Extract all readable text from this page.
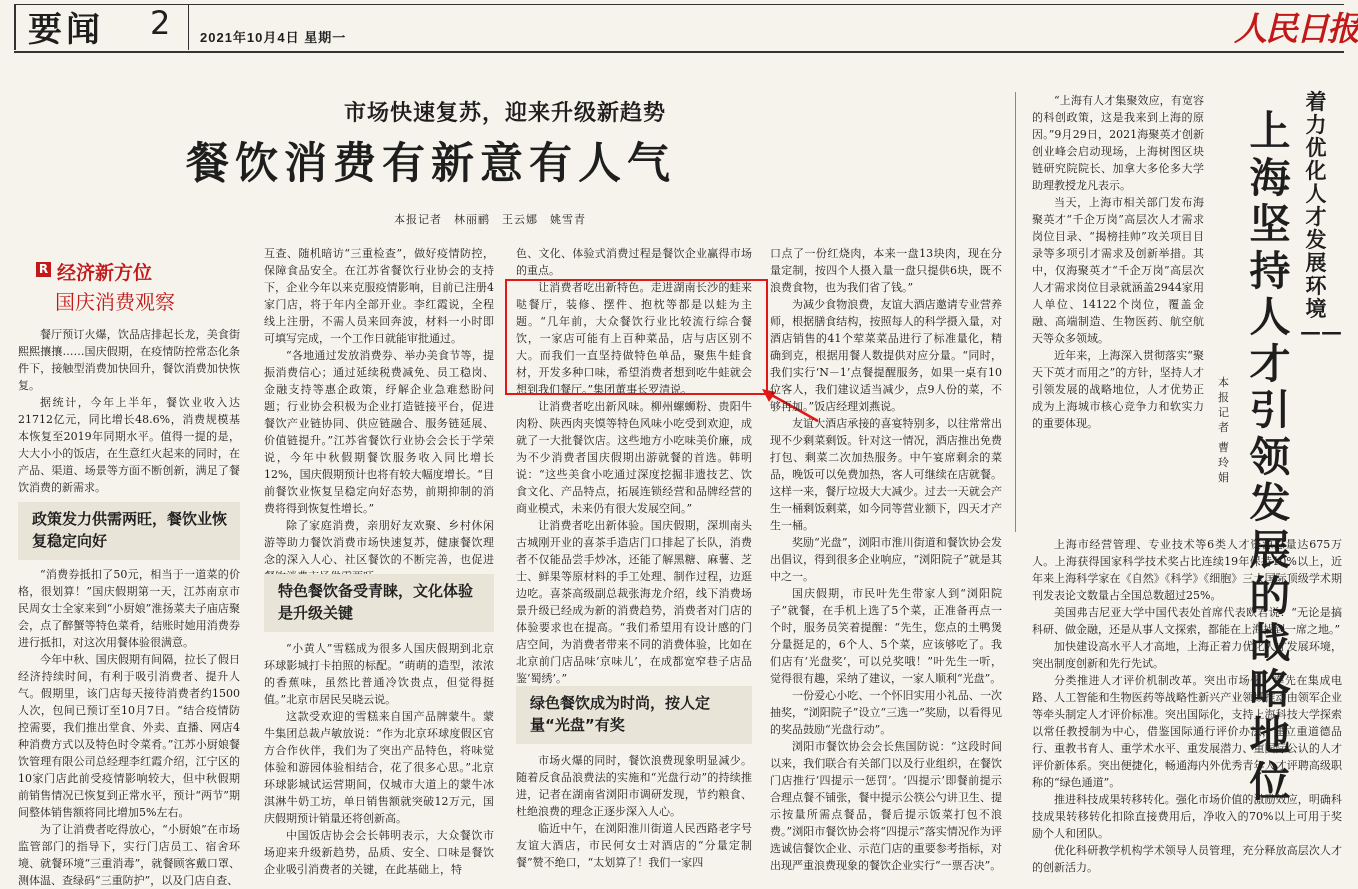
要闻 2 2021年10月4日 星期一	人民日报
市场快速复苏，迎来升级新趋势
餐饮消费有新意有人气
本报记者　林丽鹂　王云娜　姚雪青
R 经济新方位
国庆消费观察

餐厅预订火爆，饮品店排起长龙，美食街熙熙攘攘……国庆假期，在疫情防控常态化条件下，接触型消费加快回升，餐饮消费加快恢复。

据统计，今年上半年，餐饮业收入达21712亿元，同比增长48.6%，消费规模基本恢复至2019年同期水平。值得一提的是，大大小小的饭店，在生意红火起来的同时，在产品、渠道、场景等方面不断创新，满足了餐饮消费的新需求。

政策发力供需两旺，餐饮业恢复稳定向好

“消费券抵扣了50元，相当于一道菜的价格，很划算！”国庆假期第一天，江苏南京市民周女士全家来到“小厨娘”淮扬菜夫子庙店聚会，点了醉蟹等特色菜肴，结账时她用消费券进行抵扣，对这次用餐体验很满意。

今年中秋、国庆假期有间隔，拉长了假日经济持续时间，有利于吸引消费者、提升人气。假期里，该门店每天接待消费者约1500人次，包间已预订至10月7日。“结合疫情防控需要，我们推出堂食、外卖、直播、网店4种消费方式以及特色时令菜肴。”江苏小厨娘餐饮管理有限公司总经理李红霞介绍，江宁区的10家门店此前受疫情影响较大，但中秋假期前销售情况已恢复到正常水平，预计“两节”期间整体销售额将同比增加5%左右。

为了让消费者吃得放心，“小厨娘”在市场监管部门的指导下，实行门店员工、宿舍环境、就餐环境“三重消毒”，就餐顾客戴口罩、测体温、查绿码“三重防护”，以及门店自查、

互查、随机暗访“三重检查”，做好疫情防控，保障食品安全。在江苏省餐饮行业协会的支持下，企业今年以来克服疫情影响，目前已注册4家门店，将于年内全部开业。李红霞说，全程线上注册，不需人员来回奔波，材料一小时即可填写完成，一个工作日就能审批通过。

“各地通过发放消费券、举办美食节等，提振消费信心；通过延续税费减免、员工稳岗、金融支持等惠企政策，纾解企业急难愁盼问题；行业协会积极为企业打造链接平台，促进餐饮产业链协同、供应链融合、服务链延展、价值链提升。”江苏省餐饮行业协会会长于学荣说，今年中秋假期餐饮服务收入同比增长12%，国庆假期预计也将有较大幅度增长。“目前餐饮业恢复呈稳定向好态势，前期抑制的消费将得到恢复性增长。”

除了家庭消费，亲朋好友欢聚、乡村休闲游等助力餐饮消费市场快速复苏，健康餐饮理念的深入人心、社区餐饮的不断完善，也促进

特色餐饮备受青睐，文化体验是升级关键

“小黄人”雪糕成为很多人国庆假期到北京环球影城打卡拍照的标配。“萌萌的造型，浓浓的香蕉味，虽然比普通冷饮贵点，但觉得挺值。”北京市居民吴晓云说。

这款受欢迎的雪糕来自国产品牌蒙牛。蒙牛集团总裁卢敏放说：“作为北京环球度假区官方合作伙伴，我们为了突出产品特色，将味觉体验和游园体验相结合，花了很多心思。”北京环球影城试运营期间，仅城市大道上的蒙牛冰淇淋牛奶工坊，单日销售额就突破12万元，国庆假期预计销量还将创新高。

中国饭店协会会长韩明表示，大众餐饮市场迎来升级新趋势，品质、安全、口味是餐饮企业吸引消费者的关键，在此基础上，特

色、文化、体验式消费过程是餐饮企业赢得市场的重点。

让消费者吃出新特色。走进湖南长沙的蛙来哒餐厅，装修、摆件、抱枕等都是以蛙为主题。“几年前，大众餐饮行业比较流行综合餐饮，一家店可能有上百种菜品，店与店区别不大。而我们一直坚持做特色单品，聚焦牛蛙食材，开发多种口味，希望消费者想到吃牛蛙就会想到我们餐厅。”集团董事长罗清说。

让消费者吃出新风味。柳州螺蛳粉、贵阳牛肉粉、陕西肉夹馍等特色风味小吃受到欢迎，成就了一大批餐饮店。这些地方小吃味美价廉，成为不少消费者国庆假期出游就餐的首选。韩明说：“这些美食小吃通过深度挖掘非遗技艺、饮食文化、产品特点，拓展连锁经营和品牌经营的商业模式，未来仍有很大发展空间。”

让消费者吃出新体验。国庆假期，深圳南头古城刚开业的喜茶手造店门口排起了长队，消费者不仅能品尝手炒冰，还能了解黑糖、麻薯、芝士、鲜果等原材料的手工处理、制作过程，边逛边吃。喜茶高级副总裁张海龙介绍，线下消费场景升级已经成为新的消费趋势，消费者对门店的体验要求也在提高。“我们希望用有设计感的门店空间，为消费者带来不同的消费体验，比如在北京前门店品味‘京味儿’，在成都宽窄巷子店品鉴‘蜀绣’。”

绿色餐饮成为时尚，按人定量“光盘”有奖

市场火爆的同时，餐饮浪费现象明显减少。随着反食品浪费法的实施和“光盘行动”的持续推进，记者在湖南省浏阳市调研发现，节约粮食、杜绝浪费的理念正逐步深入人心。

临近中午，在浏阳淮川街道人民西路老字号友谊大酒店，市民何女士对酒店的“分量定制餐”赞不绝口，“太划算了！我们一家四

口点了一份红烧肉，本来一盘13块肉，现在分量定制，按四个人摄入量一盘只提供6块，既不浪费食物，也为我们省了钱。”

为减少食物浪费，友谊大酒店邀请专业营养师，根据膳食结构，按照每人的科学摄入量，对酒店销售的41个荤菜菜品进行了标准量化，精确到克，根据用餐人数提供对应分量。“同时，我们实行‘N－1’点餐提醒服务，如果一桌有10位客人，我们建议适当减少，点9人份的菜，不够再加。”饭店经理刘燕说。

友谊大酒店承接的喜宴特别多，以往常常出现不少剩菜剩饭。针对这一情况，酒店推出免费打包、剩菜二次加热服务。中午宴席剩余的菜品，晚饭可以免费加热，客人可继续在店就餐。这样一来，餐厅垃圾大大减少。过去一天就会产生一桶剩饭剩菜，如今同等营业额下，四天才产生一桶。

奖励“光盘”，浏阳市淮川街道和餐饮协会发出倡议，得到很多企业响应，“浏阳院子”就是其中之一。

国庆假期，市民叶先生带家人到“浏阳院子”就餐，在手机上选了5个菜，正准备再点一个时，服务员笑着提醒：“先生，您点的土鸭煲分量挺足的，6个人、5个菜，应该够吃了。我们店有‘光盘奖’，可以兑奖哦！”叶先生一听，觉得很有趣，采纳了建议，一家人顺利“光盘”。

一份爱心小吃、一个怀旧实用小礼品、一次抽奖，“浏阳院子”设立“三选一”奖励，以看得见的奖品鼓励“光盘行动”。

浏阳市餐饮协会会长焦国防说：“这段时间以来，我们联合有关部门以及行业组织，在餐饮门店推行‘四提示一惩罚’。‘四提示’即餐前提示合理点餐不铺张，餐中提示公筷公勺讲卫生、提示按量所需点餐品，餐后提示饭菜打包不浪费。”浏阳市餐饮协会将“四提示”落实情况作为评选诚信餐饮企业、示范门店的重要参考指标，对出现严重浪费现象的餐饮企业实行“一票否决”。

着力优化人才发展环境——
上海坚持人才引领发展的战略地位
本报记者
曹玲娟

“上海有人才集聚效应，有宽容的科创政策，这是我来到上海的原因。”9月29日，2021海聚英才创新创业峰会启动现场，上海树图区块链研究院院长、加拿大多伦多大学助理教授龙凡表示。

当天，上海市相关部门发布海聚英才“千企万岗”高层次人才需求岗位目录、“揭榜挂帅”攻关项目目录等多项引才需求及创新举措。其中，仅海聚英才“千企万岗”高层次人才需求岗位目录就涵盖2944家用人单位、14122个岗位，覆盖金融、高端制造、生物医药、航空航天等众多领域。

近年来，上海深入贯彻落实“聚天下英才而用之”的方针，坚持人才引领发展的战略地位，人才优势正成为上海城市核心竞争力和软实力的重要体现。

上海市经营管理、专业技术等6类人才资源总量达675万人。上海获得国家科学技术奖占比连续19年保持10%以上，近年来上海科学家在《自然》《科学》《细胞》三大国际顶级学术期刊发表论文数量占全国总数超过25%。

美国弗吉尼亚大学中国代表处首席代表欧君说：“无论是搞科研、做金融，还是从事人文探索，都能在上海找到一席之地。”

加快建设高水平人才高地，上海正着力优化人才发展环境，突出制度创新和先行先试。

分类推进人才评价机制改革。突出市场化，率先在集成电路、人工智能和生物医药等战略性新兴产业领域推动由领军企业等牵头制定人才评价标准。突出国际化，支持上海科技大学探索以常任教授制为中心，借鉴国际通行评价办法，建立重道德品行、重教书育人、重学术水平、重发展潜力、重国际公认的人才评价新体系。突出便捷化，畅通海内外优秀青年人才评聘高级职称的“绿色通道”。

推进科技成果转移转化。强化市场价值的激励效应，明确科技成果转移转化扣除直接费用后，净收入的70%以上可用于奖励个人和团队。

优化科研教学机构学术领导人员管理，充分释放高层次人才的创新活力。
